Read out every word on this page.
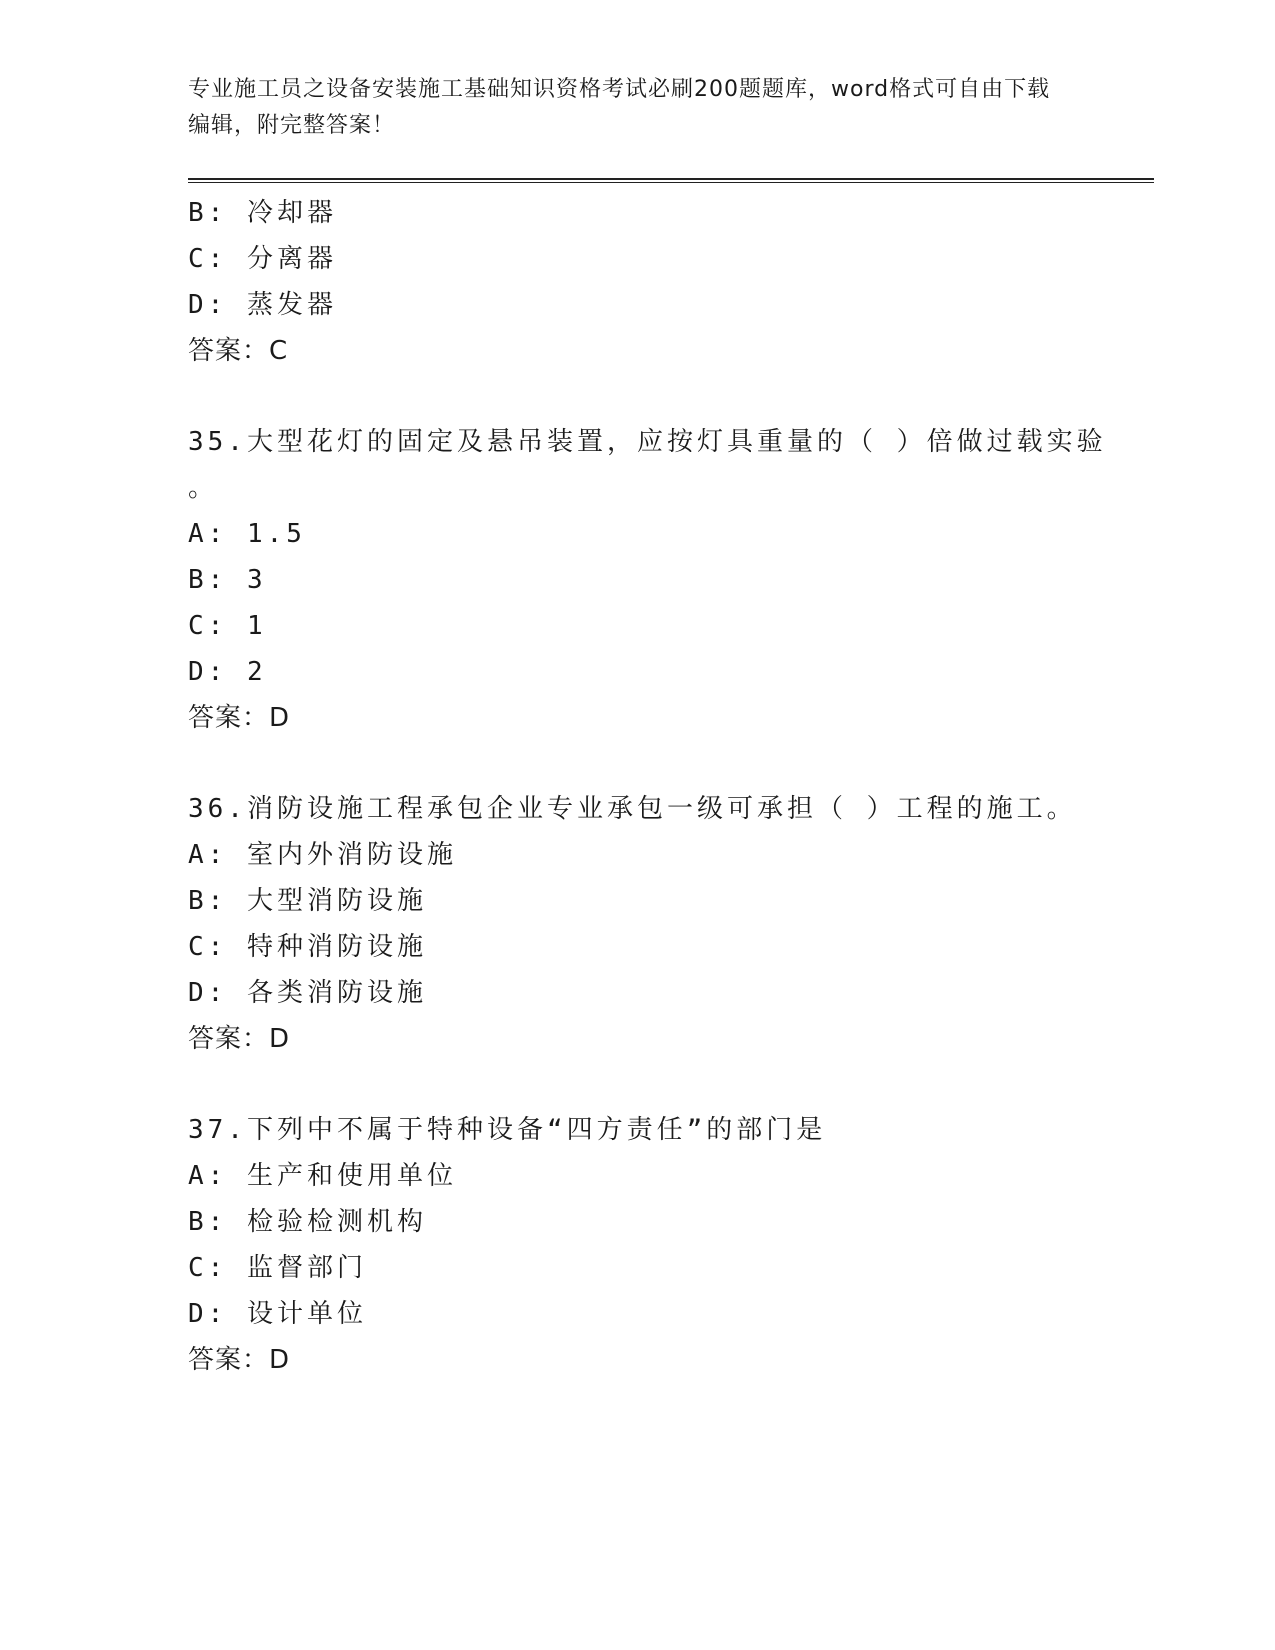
专业施工员之设备安装施工基础知识资格考试必刷200题题库，word格式可自由下载编辑，附完整答案！
B: 冷却器
C: 分离器
D: 蒸发器
答案：C
35.大型花灯的固定及悬吊装置，应按灯具重量的（ ）倍做过载实验
。
A: 1.5
B: 3
C: 1
D: 2
答案：D
36.消防设施工程承包企业专业承包一级可承担（ ）工程的施工。
A: 室内外消防设施
B: 大型消防设施
C: 特种消防设施
D: 各类消防设施
答案：D
37.下列中不属于特种设备“四方责任”的部门是
A: 生产和使用单位
B: 检验检测机构
C: 监督部门
D: 设计单位
答案：D
